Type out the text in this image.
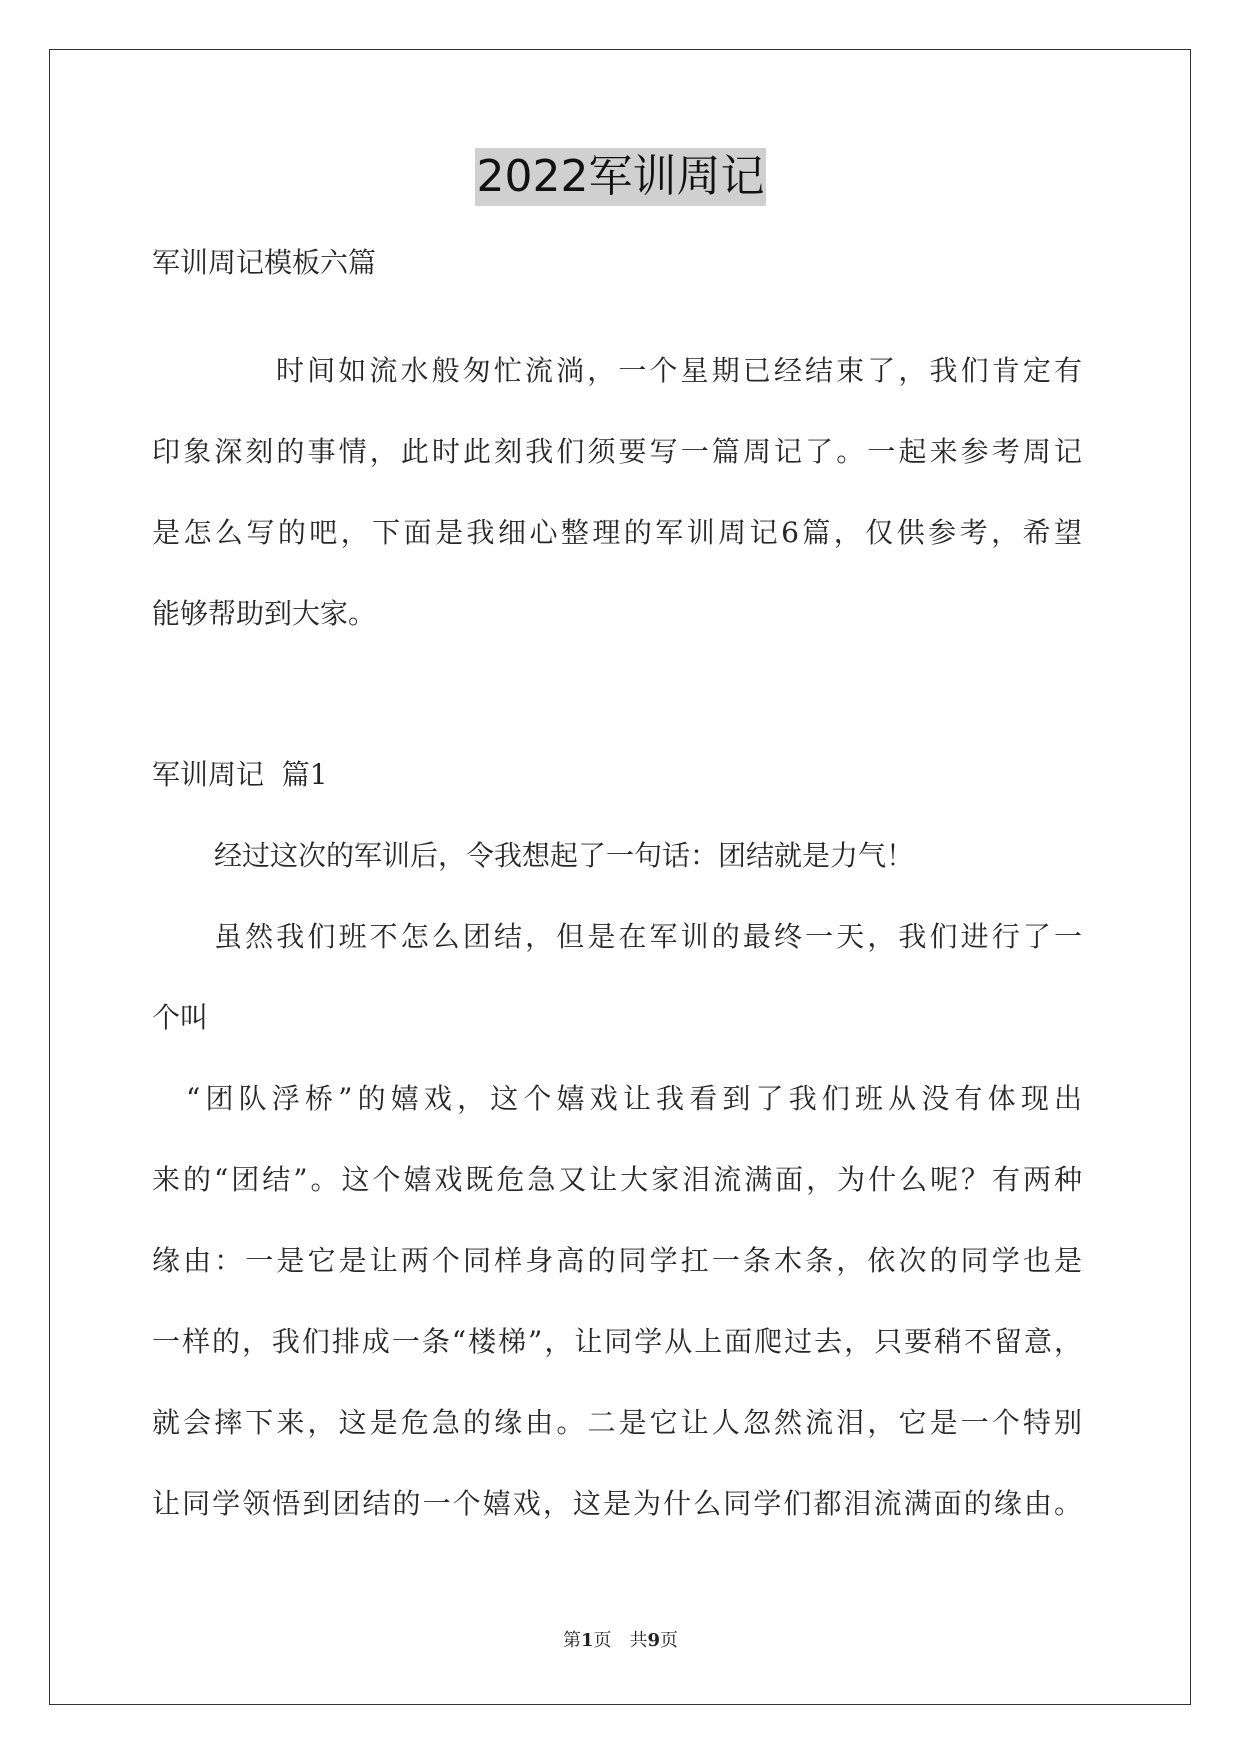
2022军训周记
军训周记模板六篇
时间如流水般匆忙流淌，一个星期已经结束了，我们肯定有
印象深刻的事情，此时此刻我们须要写一篇周记了。一起来参考周记
是怎么写的吧，下面是我细心整理的军训周记6篇，仅供参考，希望
能够帮助到大家。
军训周记  篇1
经过这次的军训后，令我想起了一句话：团结就是力气！
虽然我们班不怎么团结，但是在军训的最终一天，我们进行了一
个叫
“团队浮桥”的嬉戏，这个嬉戏让我看到了我们班从没有体现出
来的“团结”。这个嬉戏既危急又让大家泪流满面，为什么呢？有两种
缘由：一是它是让两个同样身高的同学扛一条木条，依次的同学也是
一样的，我们排成一条“楼梯”，让同学从上面爬过去，只要稍不留意，
就会摔下来，这是危急的缘由。二是它让人忽然流泪，它是一个特别
让同学领悟到团结的一个嬉戏，这是为什么同学们都泪流满面的缘由。
第1页　共9页
